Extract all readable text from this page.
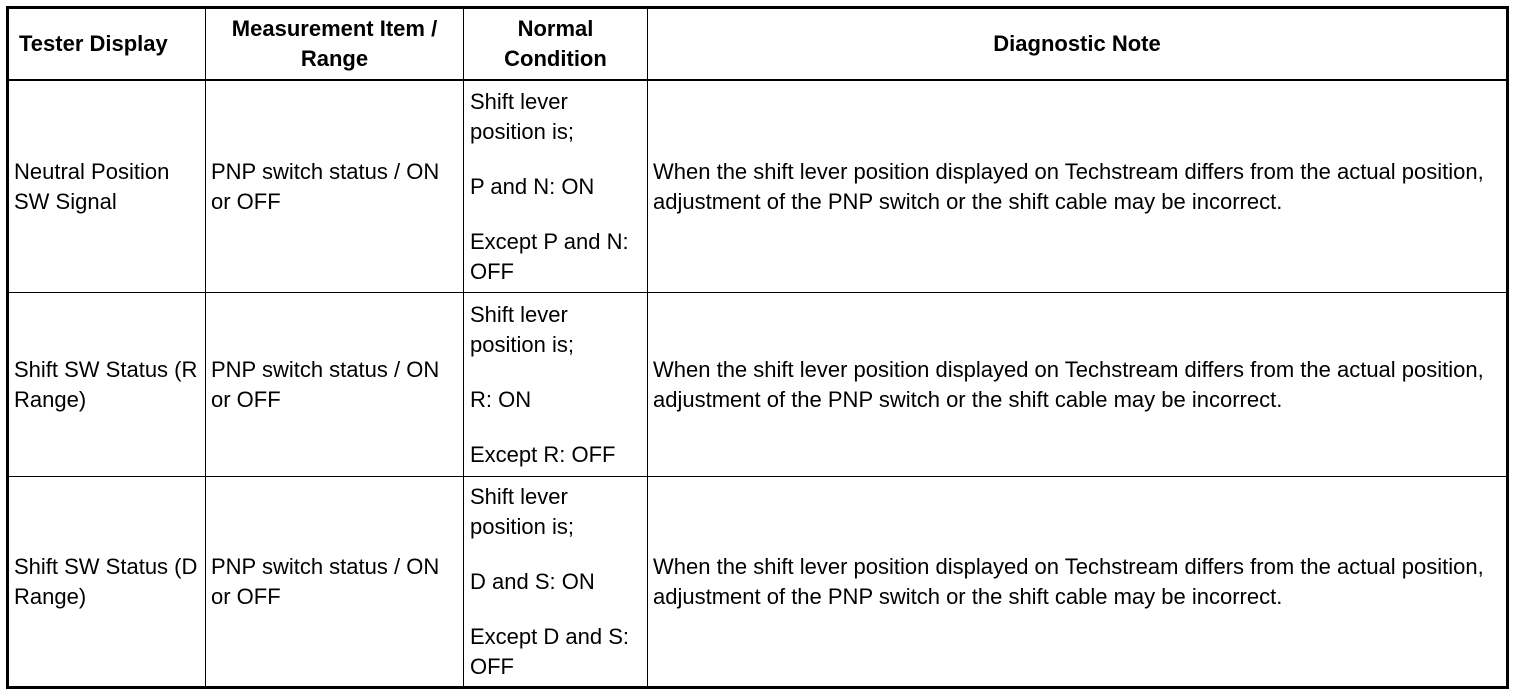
Tester Display	Measurement Item / Range	Normal Condition	Diagnostic Note
Neutral Position SW Signal	PNP switch status / ON or OFF	Shift lever position is;

P and N: ON

Except P and N: OFF	When the shift lever position displayed on Techstream differs from the actual position, adjustment of the PNP switch or the shift cable may be incorrect.
Shift SW Status (R Range)	PNP switch status / ON or OFF	Shift lever position is;

R: ON

Except R: OFF	When the shift lever position displayed on Techstream differs from the actual position, adjustment of the PNP switch or the shift cable may be incorrect.
Shift SW Status (D Range)	PNP switch status / ON or OFF	Shift lever position is;

D and S: ON

Except D and S: OFF	When the shift lever position displayed on Techstream differs from the actual position, adjustment of the PNP switch or the shift cable may be incorrect.
